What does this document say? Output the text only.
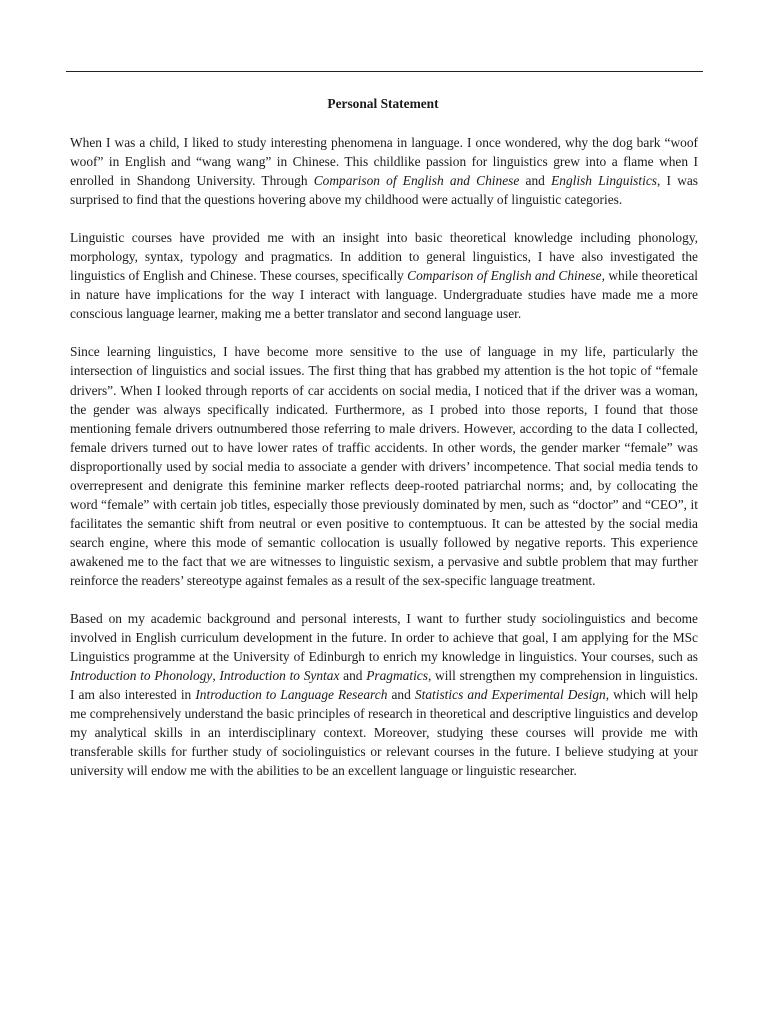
Personal Statement

When I was a child, I liked to study interesting phenomena in language. I once wondered, why the dog bark “woof woof” in English and “wang wang” in Chinese. This childlike passion for linguistics grew into a flame when I enrolled in Shandong University. Through Comparison of English and Chinese and English Linguistics, I was surprised to find that the questions hovering above my childhood were actually of linguistic categories.

Linguistic courses have provided me with an insight into basic theoretical knowledge including phonology, morphology, syntax, typology and pragmatics. In addition to general linguistics, I have also investigated the linguistics of English and Chinese. These courses, specifically Comparison of English and Chinese, while theoretical in nature have implications for the way I interact with language. Undergraduate studies have made me a more conscious language learner, making me a better translator and second language user.

Since learning linguistics, I have become more sensitive to the use of language in my life, particularly the intersection of linguistics and social issues. The first thing that has grabbed my attention is the hot topic of “female drivers”. When I looked through reports of car accidents on social media, I noticed that if the driver was a woman, the gender was always specifically indicated. Furthermore, as I probed into those reports, I found that those mentioning female drivers outnumbered those referring to male drivers. However, according to the data I collected, female drivers turned out to have lower rates of traffic accidents. In other words, the gender marker “female” was disproportionally used by social media to associate a gender with drivers’ incompetence. That social media tends to overrepresent and denigrate this feminine marker reflects deep-rooted patriarchal norms; and, by collocating the word “female” with certain job titles, especially those previously dominated by men, such as “doctor” and “CEO”, it facilitates the semantic shift from neutral or even positive to contemptuous. It can be attested by the social media search engine, where this mode of semantic collocation is usually followed by negative reports. This experience awakened me to the fact that we are witnesses to linguistic sexism, a pervasive and subtle problem that may further reinforce the readers’ stereotype against females as a result of the sex-specific language treatment.

Based on my academic background and personal interests, I want to further study sociolinguistics and become involved in English curriculum development in the future. In order to achieve that goal, I am applying for the MSc Linguistics programme at the University of Edinburgh to enrich my knowledge in linguistics. Your courses, such as Introduction to Phonology, Introduction to Syntax and Pragmatics, will strengthen my comprehension in linguistics. I am also interested in Introduction to Language Research and Statistics and Experimental Design, which will help me comprehensively understand the basic principles of research in theoretical and descriptive linguistics and develop my analytical skills in an interdisciplinary context. Moreover, studying these courses will provide me with transferable skills for further study of sociolinguistics or relevant courses in the future. I believe studying at your university will endow me with the abilities to be an excellent language or linguistic researcher.
